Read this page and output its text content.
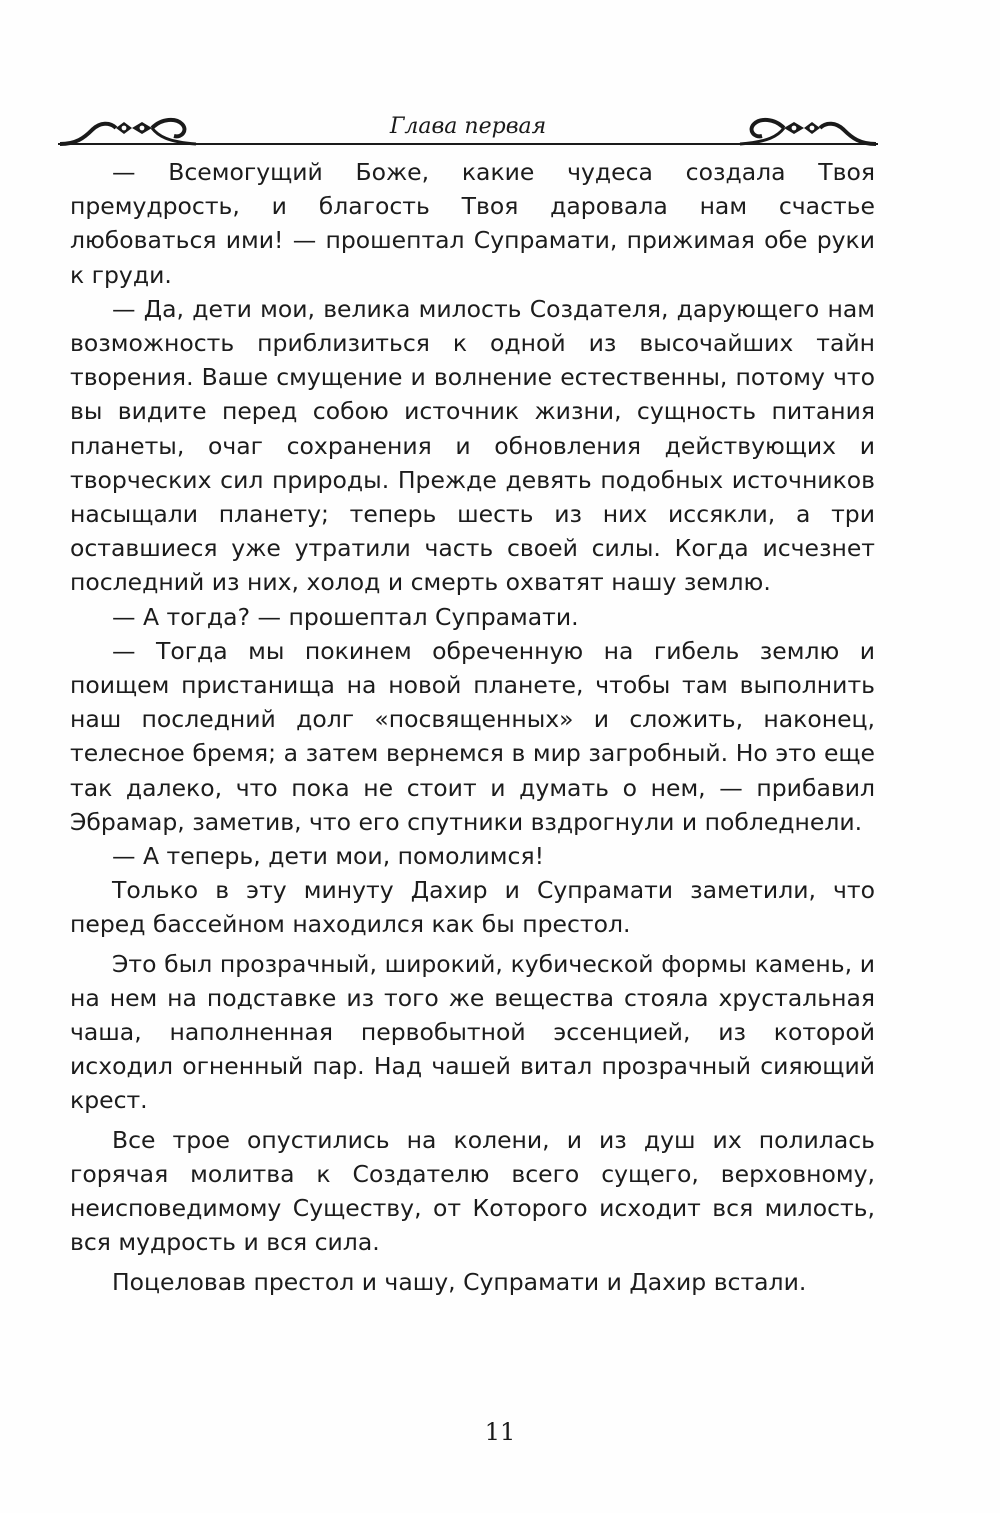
Глава первая

— Всемогущий Боже, какие чудеса создала Твоя премудрость, и благость Твоя даровала нам счастье любоваться ими! — прошептал Супрамати, прижимая обе руки к груди.

— Да, дети мои, велика милость Создателя, дарующего нам возможность приблизиться к одной из высочайших тайн творения. Ваше смущение и волнение естественны, потому что вы видите перед собою источник жизни, сущность питания планеты, очаг сохранения и обновления действующих и творческих сил природы. Прежде девять подобных источников насыщали планету; теперь шесть из них иссякли, а три оставшиеся уже утратили часть своей силы. Когда исчезнет последний из них, холод и смерть охватят нашу землю.

— А тогда? — прошептал Супрамати.

— Тогда мы покинем обреченную на гибель землю и поищем пристанища на новой планете, чтобы там выполнить наш последний долг «посвященных» и сложить, наконец, телесное бремя; а затем вернемся в мир загробный. Но это еще так далеко, что пока не стоит и думать о нем, — прибавил Эбрамар, заметив, что его спутники вздрогнули и побледнели.

— А теперь, дети мои, помолимся!

Только в эту минуту Дахир и Супрамати заметили, что перед бассейном находился как бы престол.

Это был прозрачный, широкий, кубической формы камень, и на нем на подставке из того же вещества стояла хрустальная чаша, наполненная первобытной эссенцией, из которой исходил огненный пар. Над чашей витал прозрачный сияющий крест.

Все трое опустились на колени, и из душ их полилась горячая молитва к Создателю всего сущего, верховному, неисповедимому Существу, от Которого исходит вся милость, вся мудрость и вся сила.

Поцеловав престол и чашу, Супрамати и Дахир встали.

11
